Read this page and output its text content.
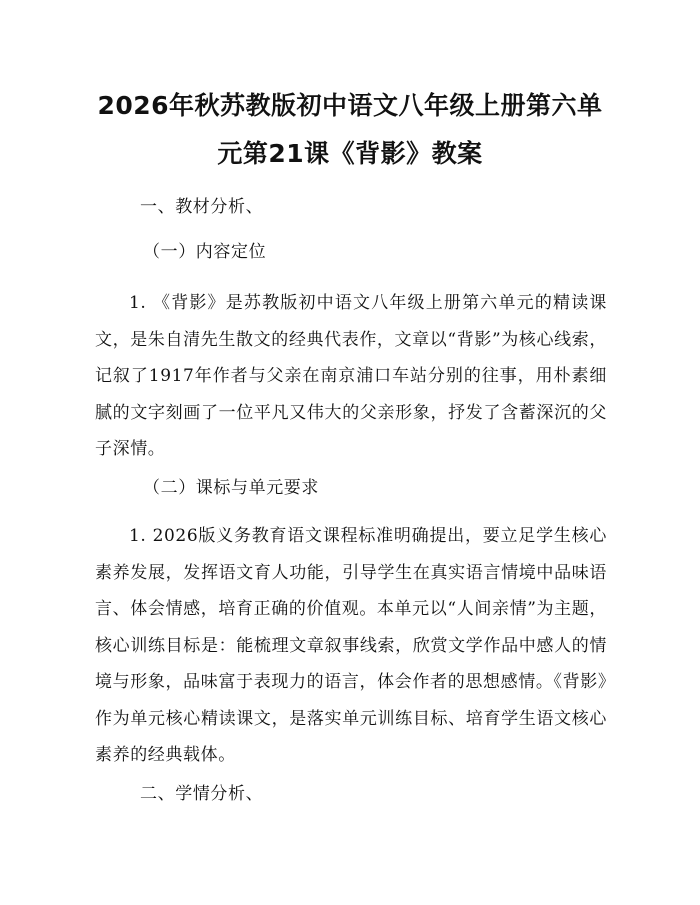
2026年秋苏教版初中语文八年级上册第六单
元第21课《背影》教案

一、教材分析、

（一）内容定位

1. 《背影》是苏教版初中语文八年级上册第六单元的精读课文，是朱自清先生散文的经典代表作，文章以“背影”为核心线索，记叙了1917年作者与父亲在南京浦口车站分别的往事，用朴素细腻的文字刻画了一位平凡又伟大的父亲形象，抒发了含蓄深沉的父子深情。

（二）课标与单元要求

1. 2026版义务教育语文课程标准明确提出，要立足学生核心素养发展，发挥语文育人功能，引导学生在真实语言情境中品味语言、体会情感，培育正确的价值观。本单元以“人间亲情”为主题，核心训练目标是：能梳理文章叙事线索，欣赏文学作品中感人的情境与形象，品味富于表现力的语言，体会作者的思想感情。《背影》作为单元核心精读课文，是落实单元训练目标、培育学生语文核心素养的经典载体。

二、学情分析、
